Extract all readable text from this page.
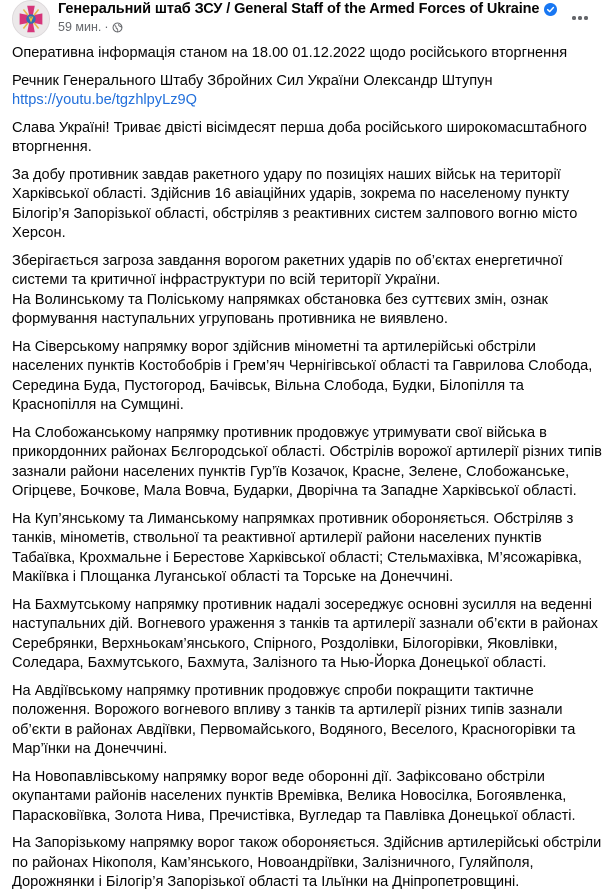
Генеральний штаб ЗСУ / General Staff of the Armed Forces of Ukraine
59 мин. ·

Оперативна інформація станом на 18.00 01.12.2022 щодо російського вторгнення

Речник Генерального Штабу Збройних Сил України Олександр Штупун
https://youtu.be/tgzhlpyLz9Q

Слава Україні! Триває двісті вісімдесят перша доба російського широкомасштабного вторгнення.

За добу противник завдав ракетного удару по позиціях наших військ на території Харківської області. Здійснив 16 авіаційних ударів, зокрема по населеному пункту Білогір’я Запорізької області, обстріляв з реактивних систем залпового вогню місто Херсон.

Зберігається загроза завдання ворогом ракетних ударів по об’єктах енергетичної системи та критичної інфраструктури по всій території України.
На Волинському та Поліському напрямках обстановка без суттєвих змін, ознак формування наступальних угруповань противника не виявлено.

На Сіверському напрямку ворог здійснив мінометні та артилерійські обстріли населених пунктів Костобобрів і Грем’яч Чернігівської області та Гаврилова Слобода, Середина Буда, Пустогород, Бачівськ, Вільна Слобода, Будки, Білопілля та Краснопілля на Сумщині.

На Слобожанському напрямку противник продовжує утримувати свої війська в прикордонних районах Бєлгородської області. Обстрілів ворожої артилерії різних типів зазнали райони населених пунктів Гур’їв Козачок, Красне, Зелене, Слобожанське, Огірцеве, Бочкове, Мала Вовча, Бударки, Дворічна та Западне Харківської області.

На Куп’янському та Лиманському напрямках противник обороняється. Обстріляв з танків, мінометів, ствольної та реактивної артилерії райони населених пунктів Табаївка, Крохмальне і Берестове Харківської області; Стельмахівка, М’ясожарівка, Макіївка і Площанка Луганської області та Торське на Донеччині.

На Бахмутському напрямку противник надалі зосереджує основні зусилля на веденні наступальних дій. Вогневого ураження з танків та артилерії зазнали об’єкти в районах Серебрянки, Верхньокам’янського, Спірного, Роздолівки, Білогорівки, Яковлівки, Соледара, Бахмутського, Бахмута, Залізного та Нью-Йорка Донецької області.

На Авдіївському напрямку противник продовжує спроби покращити тактичне положення. Ворожого вогневого впливу з танків та артилерії різних типів зазнали об’єкти в районах Авдіївки, Первомайського, Водяного, Веселого, Красногорівки та Мар’їнки на Донеччині.

На Новопавлівському напрямку ворог веде оборонні дії. Зафіксовано обстріли окупантами районів населених пунктів Времівка, Велика Новосілка, Богоявленка, Парасковіївка, Золота Нива, Пречистівка, Вугледар та Павлівка Донецької області.

На Запорізькому напрямку ворог також обороняється. Здійснив артилерійські обстріли по районах Нікополя, Кам’янського, Новоандріївки, Залізничного, Гуляйполя, Дорожнянки і Білогір’я Запорізької області та Ільїнки на Дніпропетровщині.
